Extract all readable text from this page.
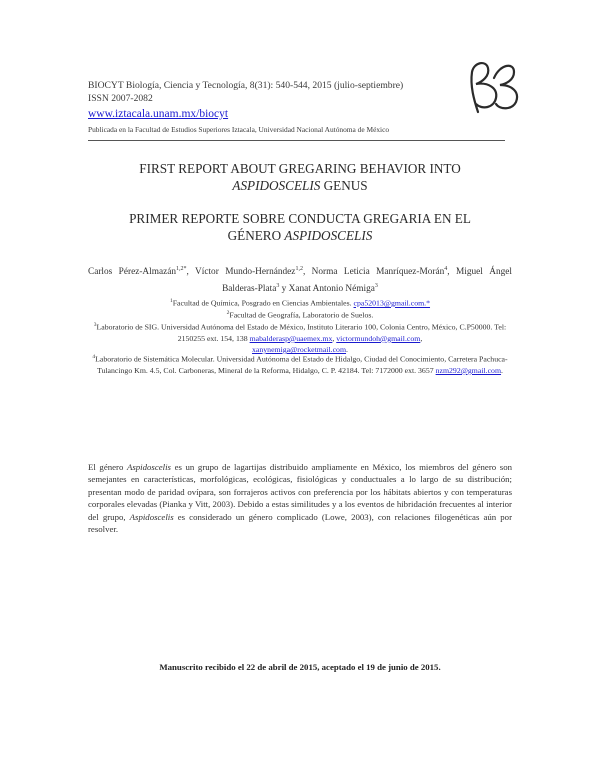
BIOCYT Biología, Ciencia y Tecnología, 8(31): 540-544, 2015 (julio-septiembre)
ISSN 2007-2082
www.iztacala.unam.mx/biocyt
Publicada en la Facultad de Estudios Superiores Iztacala, Universidad Nacional Autónoma de México
FIRST REPORT ABOUT GREGARING BEHAVIOR INTO
ASPIDOSCELIS GENUS
PRIMER REPORTE SOBRE CONDUCTA GREGARIA EN EL
GÉNERO ASPIDOSCELIS
Carlos Pérez-Almazán$^{1,2*}$, Víctor Mundo-Hernández$^{1,2}$, Norma Leticia Manríquez-Morán$^4$, Miguel Ángel Balderas-Plata$^3$ y Xanat Antonio Némiga$^3$
$^1$Facultad de Química, Posgrado en Ciencias Ambientales. cpa52013@gmail.com.*
$^2$Facultad de Geografía, Laboratorio de Suelos.
$^3$Laboratorio de SIG. Universidad Autónoma del Estado de México, Instituto Literario 100, Colonia Centro, México, C.P50000. Tel: 2150255 ext. 154, 138 mabalderasp@uaemex.mx, victormundoh@gmail.com,
xanynemiga@rocketmail.com.
$^4$Laboratorio de Sistemática Molecular. Universidad Autónoma del Estado de Hidalgo, Ciudad del Conocimiento, Carretera Pachuca- Tulancingo Km. 4.5, Col. Carboneras, Mineral de la Reforma, Hidalgo, C. P. 42184. Tel: 7172000 ext. 3657 nzm292@gmail.com.
El género Aspidoscelis es un grupo de lagartijas distribuido ampliamente en México, los miembros del género son semejantes en características, morfológicas, ecológicas, fisiológicas y conductuales a lo largo de su distribución; presentan modo de paridad ovípara, son forrajeros activos con preferencia por los hábitats abiertos y con temperaturas corporales elevadas (Pianka y Vitt, 2003). Debido a estas similitudes y a los eventos de hibridación frecuentes al interior del grupo, Aspidoscelis es considerado un género complicado (Lowe, 2003), con relaciones filogenéticas aún por resolver.
Manuscrito recibido el 22 de abril de 2015, aceptado el 19 de junio de 2015.
